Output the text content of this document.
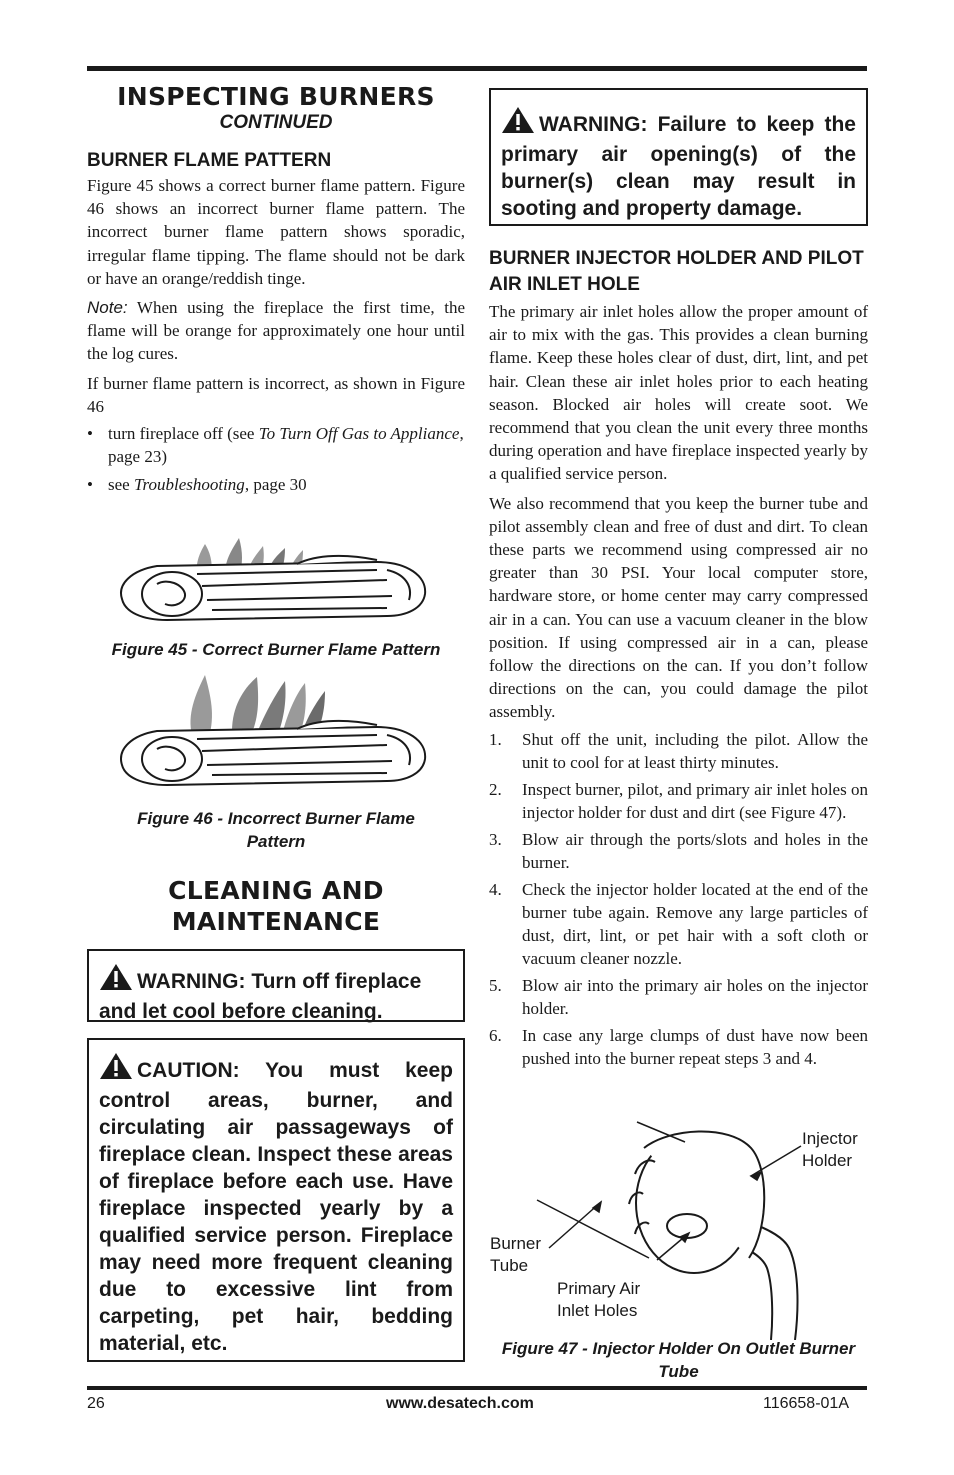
INSPECTING BURNERS
CONTINUED
BURNER FLAME PATTERN

Figure 45 shows a correct burner flame pattern. Figure 46 shows an incorrect burner flame pattern. The incorrect burner flame pattern shows sporadic, irregular flame tipping. The flame should not be dark or have an orange/reddish tinge.

Note: When using the fireplace the first time, the flame will be orange for approximately one hour until the log cures.

If burner flame pattern is incorrect, as shown in Figure 46

• turn fireplace off (see To Turn Off Gas to Appliance, page 23)
• see Troubleshooting, page 30
Figure 45 - Correct Burner Flame Pattern
Figure 46 - Incorrect Burner Flame Pattern
CLEANING AND MAINTENANCE
WARNING: Turn off fireplace and let cool before cleaning.
CAUTION: You must keep control areas, burner, and circulating air passageways of fireplace clean. Inspect these areas of fireplace before each use. Have fireplace inspected yearly by a qualified service person. Fireplace may need more frequent cleaning due to excessive lint from carpeting, pet hair, bedding material, etc.
WARNING: Failure to keep the primary air opening(s) of the burner(s) clean may result in sooting and property damage.
BURNER INJECTOR HOLDER AND PILOT AIR INLET HOLE

The primary air inlet holes allow the proper amount of air to mix with the gas. This provides a clean burning flame. Keep these holes clear of dust, dirt, lint, and pet hair. Clean these air inlet holes prior to each heating season. Blocked air holes will create soot. We recommend that you clean the unit every three months during operation and have fireplace inspected yearly by a qualified service person.

We also recommend that you keep the burner tube and pilot assembly clean and free of dust and dirt. To clean these parts we recommend using compressed air no greater than 30 PSI. Your local computer store, hardware store, or home center may carry compressed air in a can. You can use a vacuum cleaner in the blow position. If using compressed air in a can, please follow the directions on the can. If you don’t follow directions on the can, you could damage the pilot assembly.

1. Shut off the unit, including the pilot. Allow the unit to cool for at least thirty minutes.
2. Inspect burner, pilot, and primary air inlet holes on injector holder for dust and dirt (see Figure 47).
3. Blow air through the ports/slots and holes in the burner.
4. Check the injector holder located at the end of the burner tube again. Remove any large particles of dust, dirt, lint, or pet hair with a soft cloth or vacuum cleaner nozzle.
5. Blow air into the primary air holes on the injector holder.
6. In case any large clumps of dust have now been pushed into the burner repeat steps 3 and 4.
Injector
Holder
Burner
Tube
Primary Air
Inlet Holes
Figure 47 - Injector Holder On Outlet Burner Tube
26	www.desatech.com	116658-01A
